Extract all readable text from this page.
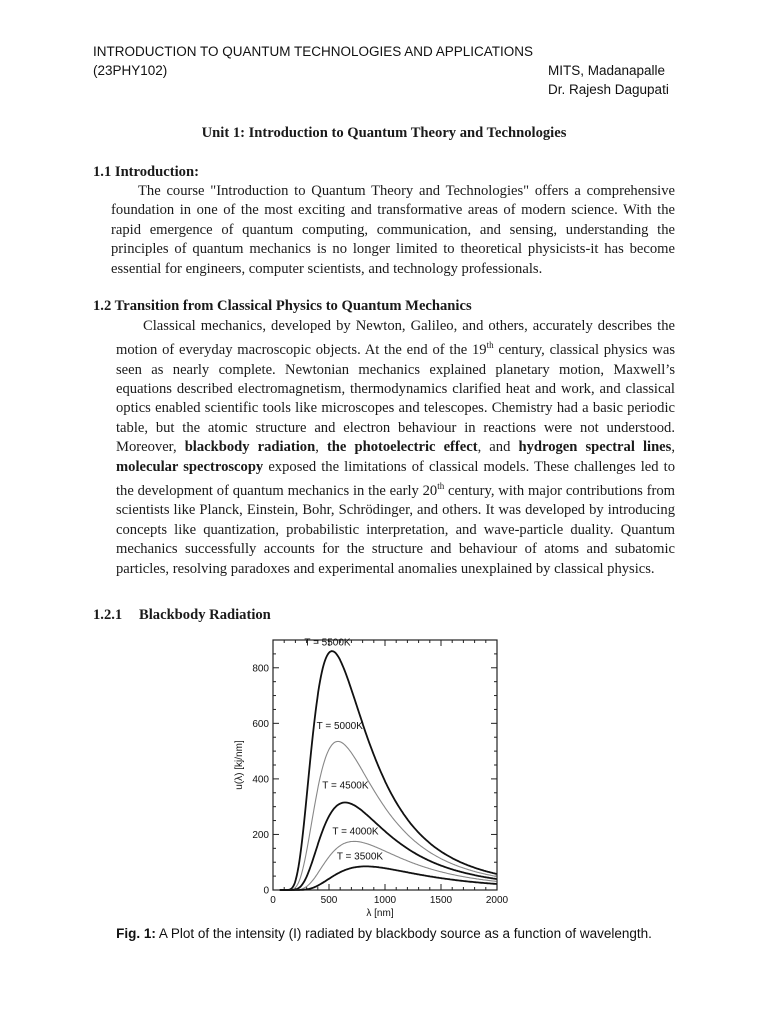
INTRODUCTION TO QUANTUM TECHNOLOGIES AND APPLICATIONS
(23PHY102)	MITS, Madanapalle
Dr. Rajesh Dagupati
Unit 1: Introduction to Quantum Theory and Technologies
1.1 Introduction:
The course "Introduction to Quantum Theory and Technologies" offers a comprehensive foundation in one of the most exciting and transformative areas of modern science. With the rapid emergence of quantum computing, communication, and sensing, understanding the principles of quantum mechanics is no longer limited to theoretical physicists-it has become essential for engineers, computer scientists, and technology professionals.
1.2 Transition from Classical Physics to Quantum Mechanics
Classical mechanics, developed by Newton, Galileo, and others, accurately describes the motion of everyday macroscopic objects. At the end of the 19th century, classical physics was seen as nearly complete. Newtonian mechanics explained planetary motion, Maxwell’s equations described electromagnetism, thermodynamics clarified heat and work, and classical optics enabled scientific tools like microscopes and telescopes. Chemistry had a basic periodic table, but the atomic structure and electron behaviour in reactions were not understood. Moreover, blackbody radiation, the photoelectric effect, and hydrogen spectral lines, molecular spectroscopy exposed the limitations of classical models. These challenges led to the development of quantum mechanics in the early 20th century, with major contributions from scientists like Planck, Einstein, Bohr, Schrödinger, and others. It was developed by introducing concepts like quantization, probabilistic interpretation, and wave-particle duality. Quantum mechanics successfully accounts for the structure and behaviour of atoms and subatomic particles, resolving paradoxes and experimental anomalies unexplained by classical physics.
1.2.1 Blackbody Radiation
0	500	1000	1500	2000
0
200
400
600
800
T = 5500K
T = 5000K
T = 4500K
T = 4000K
T = 3500K
λ [nm]
u(λ) [kj/nm]
Fig. 1: A Plot of the intensity (I) radiated by blackbody source as a function of wavelength.
